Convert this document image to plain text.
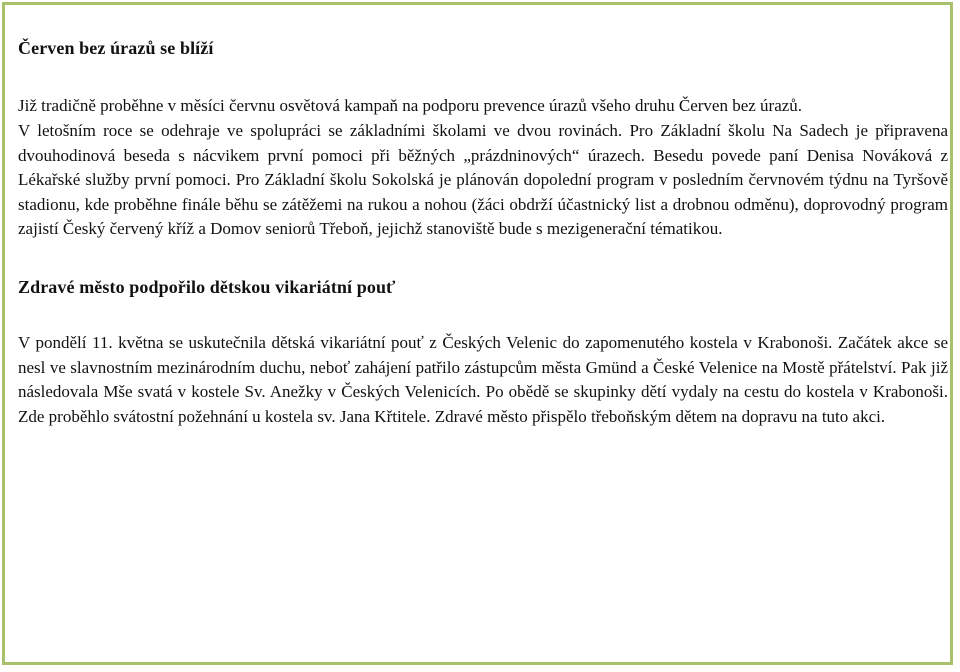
Červen bez úrazů se blíží

Již tradičně proběhne v měsíci červnu osvětová kampaň na podporu prevence úrazů všeho druhu Červen bez úrazů.

V letošním roce se odehraje ve spolupráci se základními školami ve dvou rovinách. Pro Základní školu Na Sadech je připravena dvouhodinová beseda s nácvikem první pomoci při běžných „prázdninových“ úrazech. Besedu povede paní Denisa Nováková z Lékařské služby první pomoci. Pro Základní školu Sokolská je plánován dopolední program v posledním červnovém týdnu na Tyršově stadionu, kde proběhne finále běhu se zátěžemi na rukou a nohou (žáci obdrží účastnický list a drobnou odměnu), doprovodný program zajistí Český červený kříž a Domov seniorů Třeboň, jejichž stanoviště bude s mezigenerační tématikou.

Zdravé město podpořilo dětskou vikariátní pouť

V pondělí 11. května se uskutečnila dětská vikariátní pouť z Českých Velenic do zapomenutého kostela v Krabonoši. Začátek akce se nesl ve slavnostním mezinárodním duchu, neboť zahájení patřilo zástupcům města Gmünd a České Velenice na Mostě přátelství. Pak již následovala Mše svatá v kostele Sv. Anežky v Českých Velenicích. Po obědě se skupinky dětí vydaly na cestu do kostela v Krabonoši. Zde proběhlo svátostní požehnání u kostela sv. Jana Křtitele. Zdravé město přispělo třeboňským dětem na dopravu na tuto akci.
